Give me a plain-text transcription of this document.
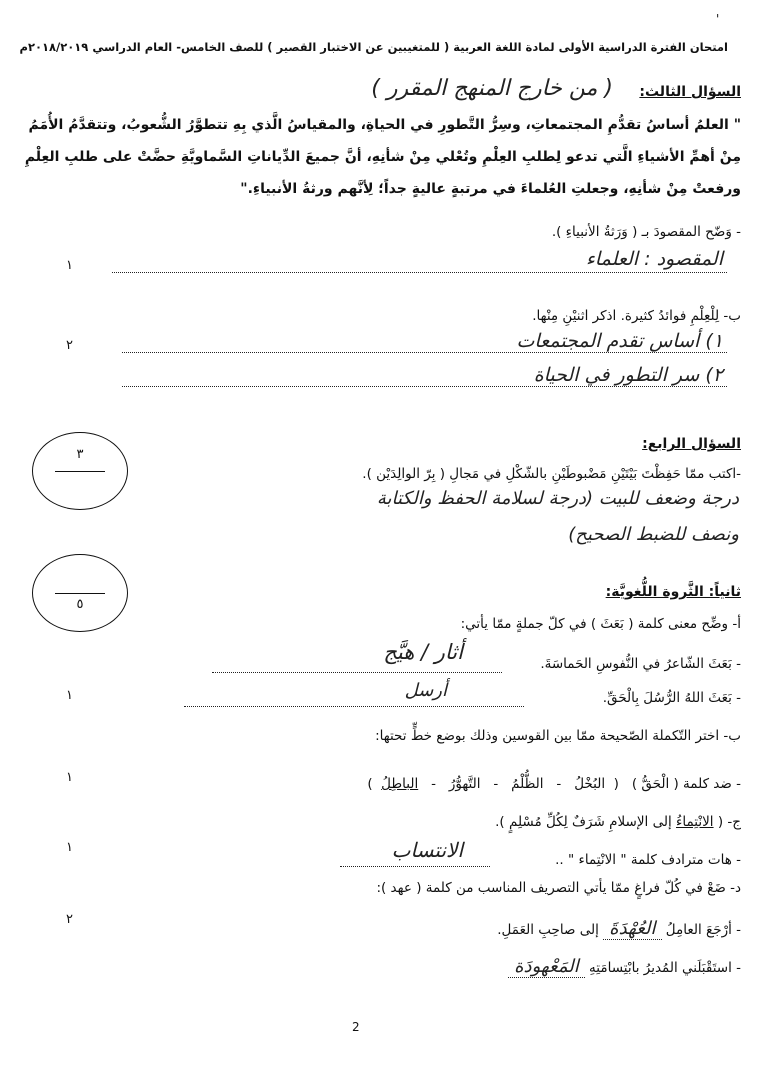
'
امتحان الفترة الدراسية الأولى لمادة اللغة العربية ( للمتغيبين عن الاختبار القصير ) للصف الخامس- العام الدراسي ٢٠١٨/٢٠١٩م
السؤال الثالث:
( من خارج المنهج المقرر )
" العلمُ أساسُ تقدُّمِ المجتمعاتِ، وسِرُّ التَّطورِ في الحياةِ، والمقياسُ الَّذي بِهِ تتطوَّرُ الشُّعوبُ، وتتقدَّمُ الأُمَمُ
مِنْ أهمِّ الأشياءِ الَّتي تدعو لِطلبِ العِلْمِ وتُعْلي مِنْ شأنِهِ، أنَّ جميعَ الدِّياناتِ السَّماويَّةِ حضَّتْ على طلبِ العِلْمِ
ورفعتْ مِنْ شأنِهِ، وجعلتِ العُلماءَ في مرتبةٍ عاليةٍ جداً؛ لِأنَّهم ورثةُ الأنبياءِ."
- وَضّح المقصودَ بـ ( وَرَثةُ الأنبياءِ ).
المقصود : العلماء
١
ب- لِلْعِلْمِ فوائدُ كثيرة. اذكر اثنيْنِ مِنْها.
١) أساس تقدم المجتمعات
٢) سر التطور في الحياة
٢
٣
السؤال الرابع:
-اكتب ممّا حَفِظْتَ بَيْتَيْنِ مَضْبوطَيْنِ بالشّكْلِ في مَجالِ ( بِرّ الوالِدَيْن ).
درجة وضعف للبيت (درجة لسلامة الحفظ والكتابة
ونصف للضبط الصحيح)
٥
ثانياً: الثَّروة اللُّغويَّة:
أ- وضِّح معنى كلمة ( بَعَثَ ) في كلّ جملةٍ ممّا يأتي:
- بَعَثَ الشّاعرُ في النُّفوسِ الحَماسَةَ.
أثار / هيَّج
- بَعَثَ اللهُ الرُّسُلَ بِالْحَقِّ.
أرسل
١
ب- اختر التّكملة الصّحيحة ممّا بين القوسين وذلك بوضع خطٍّ تحتها:
- ضد كلمة ( الْحَقُّ )   (  البُخْلُ   -   الظُّلْمُ   -   التَّهوُّرُ   -   الباطِلُ  )
١
ج- ( الانْتِماءُ إلى الإسلامِ شَرَفٌ لِكُلِّ مُسْلِمٍ ).
- هات مترادف كلمة " الانْتِماء " ..
الانتساب
١
د- ضَعْ في كُلّ فراغٍ ممّا يأتي التصريف المناسب من كلمة ( عهد ):
- أرْجَعَ العامِلُ العُهْدَةَ إلى صاحِبِ العَمَلِ.
- استَقْبَلَني المُديرُ بابْتِسامَتِهِ المَعْهودَة
٢
2
